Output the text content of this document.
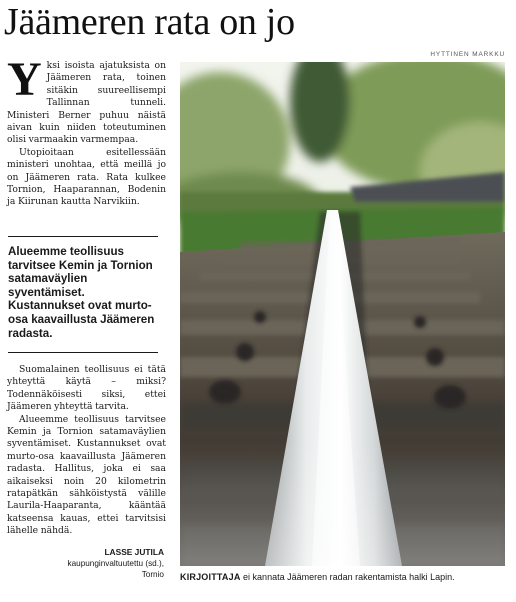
Jäämeren rata on jo

Yksi isoista ajatuksista on Jäämeren rata, toinen sitäkin suureellisempi Tallinnan tunneli. Ministeri Berner puhuu näistä aivan kuin niiden toteutuminen olisi varmaakin varmempaa.

Utopioitaan esitellessään ministeri unohtaa, että meillä jo on Jäämeren rata. Rata kulkee Tornion, Haaparannan, Bodenin ja Kiirunan kautta Narvikiin.

Alueemme teollisuus tarvitsee Kemin ja Tornion satamaväylien syventämiset. Kustannukset ovat murto-osa kaavaillusta Jäämeren radasta.

Suomalainen teollisuus ei tätä yhteyttä käytä – miksi? Todennäköisesti siksi, ettei Jäämeren yhteyttä tarvita.

Alueemme teollisuus tarvitsee Kemin ja Tornion satamaväylien syventämiset. Kustannukset ovat murto-osa kaavaillusta Jäämeren radasta. Hallitus, joka ei saa aikaiseksi noin 20 kilometrin ratapätkän sähköistystä välille Laurila-Haaparanta, kääntää katseensa kauas, ettei tarvitsisi lähelle nähdä.

LASSE JUTILA
kaupunginvaltuutettu (sd.),
Tornio
HYTTINEN MARKKU
KIRJOITTAJA ei kannata Jäämeren radan rakentamista halki Lapin.
